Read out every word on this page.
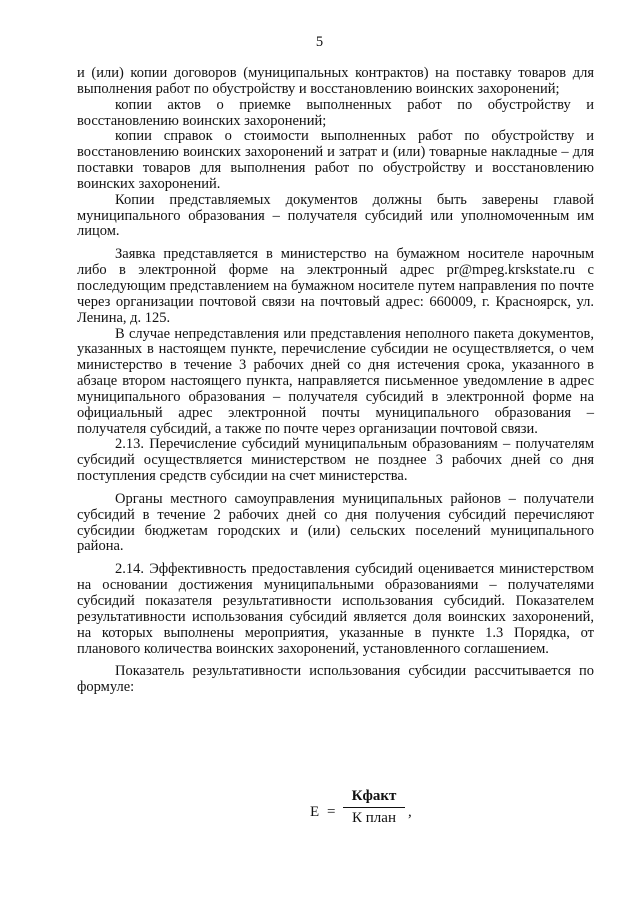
5

и (или) копии договоров (муниципальных контрактов) на поставку товаров для выполнения работ по обустройству и восстановлению воинских захоронений;

копии актов о приемке выполненных работ по обустройству и восстановлению воинских захоронений;

копии справок о стоимости выполненных работ по обустройству и восстановлению воинских захоронений и затрат и (или) товарные накладные – для поставки товаров для выполнения работ по обустройству и восстановлению воинских захоронений.

Копии представляемых документов должны быть заверены главой муниципального образования – получателя субсидий или уполномоченным им лицом.

Заявка представляется в министерство на бумажном носителе нарочным либо в электронной форме на электронный адрес pr@mpeg.krskstate.ru с последующим представлением на бумажном носителе путем направления по почте через организации почтовой связи на почтовый адрес: 660009, г. Красноярск, ул. Ленина, д. 125.

В случае непредставления или представления неполного пакета документов, указанных в настоящем пункте, перечисление субсидии не осуществляется, о чем министерство в течение 3 рабочих дней со дня истечения срока, указанного в абзаце втором настоящего пункта, направляется письменное уведомление в адрес муниципального образования – получателя субсидий в электронной форме на официальный адрес электронной почты муниципального образования – получателя субсидий, а также по почте через организации почтовой связи.

2.13. Перечисление субсидий муниципальным образованиям – получателям субсидий осуществляется министерством не позднее 3 рабочих дней со дня поступления средств субсидии на счет министерства.

Органы местного самоуправления муниципальных районов – получатели субсидий в течение 2 рабочих дней со дня получения субсидий перечисляют субсидии бюджетам городских и (или) сельских поселений муниципального района.

2.14. Эффективность предоставления субсидий оценивается министерством на основании достижения муниципальными образованиями – получателями субсидий показателя результативности использования субсидий. Показателем результативности использования субсидий является доля воинских захоронений, на которых выполнены мероприятия, указанные в пункте 1.3 Порядка, от планового количества воинских захоронений, установленного соглашением.

Показатель результативности использования субсидии рассчитывается по формуле:

E =
Кфакт
К план ,
